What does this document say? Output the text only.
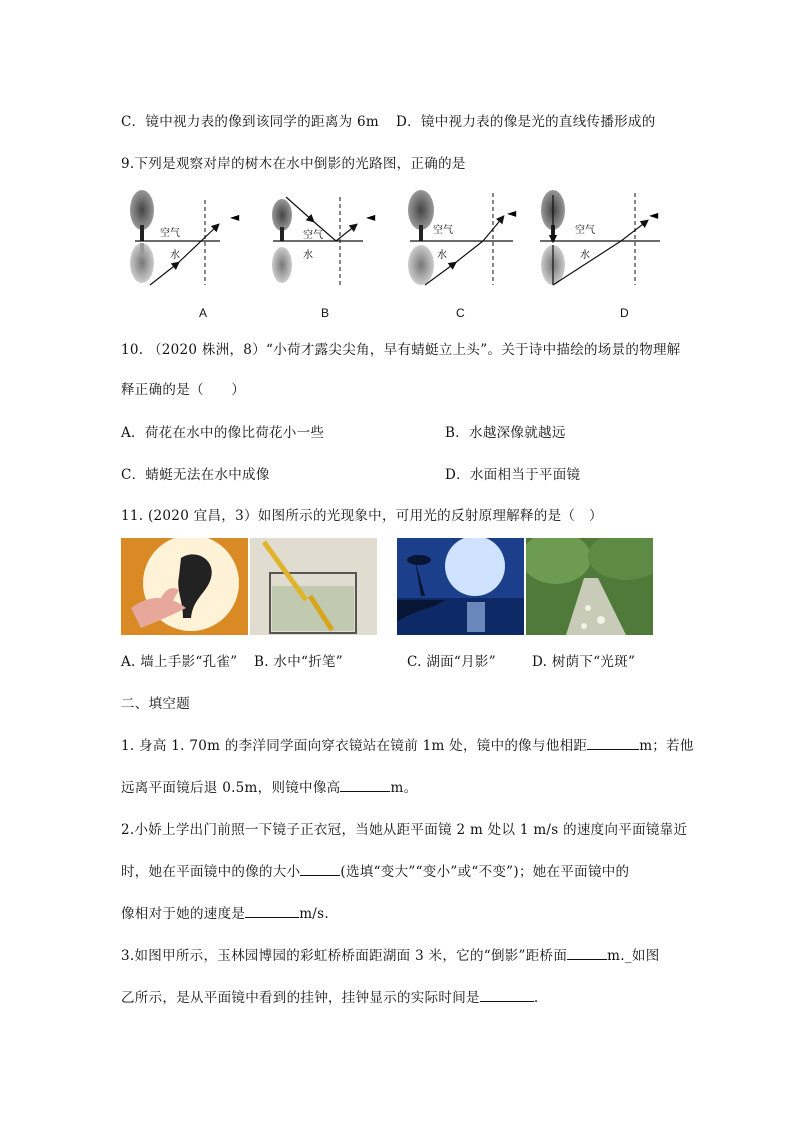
C．镜中视力表的像到该同学的距离为 6m D．镜中视力表的像是光的直线传播形成的
9.下列是观察对岸的树木在水中倒影的光路图，正确的是
◄
空气
水
◄
空气
水
◄
空气
水
◄
空气
水
A	B	C	D
10. （2020 株洲，8）“小荷才露尖尖角，早有蜻蜓立上头”。关于诗中描绘的场景的物理解
释正确的是（　　）
A．荷花在水中的像比荷花小一些	B．水越深像就越远
C．蜻蜓无法在水中成像	D．水面相当于平面镜
11. (2020 宜昌，3）如图所示的光现象中，可用光的反射原理解释的是（　）
A. 墙上手影“孔雀” B. 水中“折笔”	C. 湖面“月影”	D. 树荫下“光斑”
二、填空题
1. 身高 1. 70m 的李洋同学面向穿衣镜站在镜前 1m 处，镜中的像与他相距	m；若他
远离平面镜后退 0.5m，则镜中像高	m。
2.小娇上学出门前照一下镜子正衣冠，当她从距平面镜 2 m 处以 1 m/s 的速度向平面镜靠近
时，她在平面镜中的像的大小	(选填“变大”“变小”或“不变”)；她在平面镜中的
像相对于她的速度是	m/s.
3.如图甲所示，玉林园博园的彩虹桥桥面距湖面 3 米，它的“倒影”距桥面	m._如图
乙所示，是从平面镜中看到的挂钟，挂钟显示的实际时间是	.
